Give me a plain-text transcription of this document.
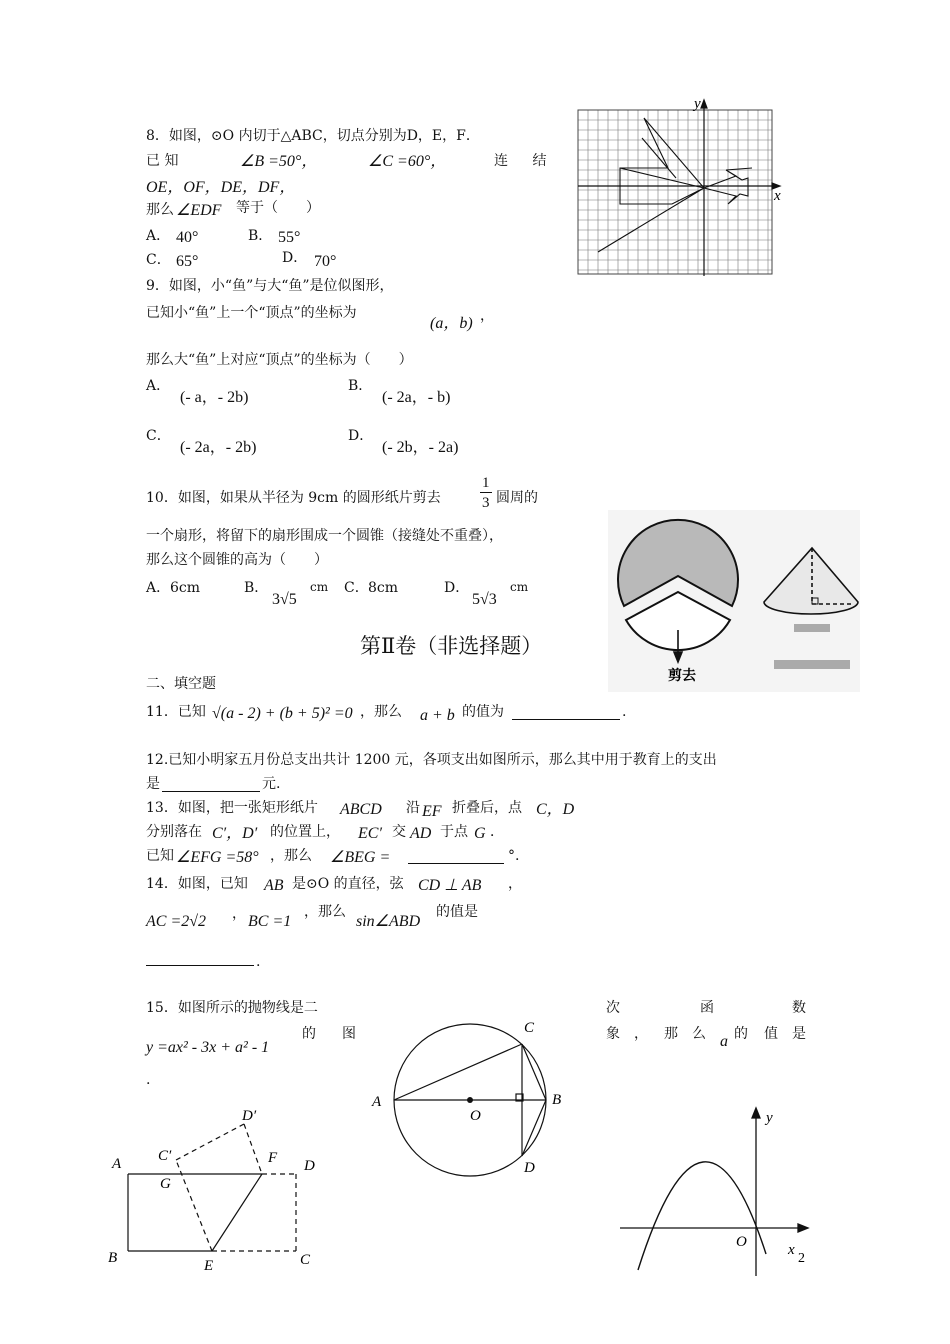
8．如图，⊙O 内切于△ABC，切点分别为D，E，F．
已 知	∠B =50°，	∠C =60°，	连 结
OE，OF，DE，DF，
那么 ∠EDF 等于（　　）
A． 40°	B． 55°
C． 65°	D． 70°
9．如图，小“鱼”与大“鱼”是位似图形，
已知小“鱼”上一个“顶点”的坐标为
(a，b) ，
那么大“鱼”上对应“顶点”的坐标为（　　）
A．
(- a，- 2b)
B．
(- 2a，- b)
C．
(- 2a，- 2b)
D．
(- 2b，- 2a)
10．如图，如果从半径为 9cm 的圆形纸片剪去
1
3 圆周的
一个扇形，将留下的扇形围成一个圆锥（接缝处不重叠），
那么这个圆锥的高为（　　）
A． 6cm	B．
3√5
cm C． 8cm	D．
5√3
cm
第Ⅱ卷（非选择题）
二、填空题
11．已知 √(a - 2) + (b + 5)² =0 ，那么 a + b 的值为	.
12.已知小明家五月份总支出共计 1200 元，各项支出如图所示，那么其中用于教育上的支出
是	元.
13．如图，把一张矩形纸片 ABCD 沿 EF 折叠后，点 C，D
分别落在 C′，D′ 的位置上， EC′ 交 AD 于点 G ．
已知 ∠EFG =58° ，那么 ∠BEG =	°.
14．如图，已知 AB 是⊙O 的直径，弦 CD ⊥ AB ，
AC =2√2 ， BC =1
，那么
sin∠ABD
的值是
.
15．如图所示的抛物线是二	次	函	数
y =ax² - 3x + a² - 1
的 图	象 ， 那 么 a 的 值 是
.
y
x
剪去
A
B	C
D
E
F
G
C′
D′
A	B
C
D
O	y
x
O
2
